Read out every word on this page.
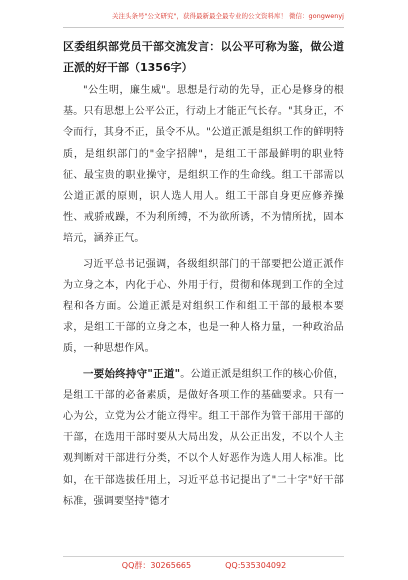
关注头条号"公文研究"，获得最新最全最专业的公文资料库！ 微信：gongwenyj
区委组织部党员干部交流发言：以公平可称为鉴，做公道正派的好干部（1356字）

"公生明，廉生威"。思想是行动的先导，正心是修身的根基。只有思想上公平公正，行动上才能正气长存。"其身正，不令而行，其身不正，虽令不从。"公道正派是组织工作的鲜明特质，是组织部门的"金字招牌"，是组工干部最鲜明的职业特征、最宝贵的职业操守，是组织工作的生命线。组工干部需以公道正派的原则，识人选人用人。组工干部自身更应修养操性、戒骄戒躁，不为利所缚，不为欲所诱，不为情所扰，固本培元，涵养正气。

习近平总书记强调，各级组织部门的干部要把公道正派作为立身之本，内化于心、外用于行，贯彻和体现到工作的全过程和各方面。公道正派是对组织工作和组工干部的最根本要求，是组工干部的立身之本，也是一种人格力量，一种政治品质，一种思想作风。

一要始终持守"正道"。公道正派是组织工作的核心价值，是组工干部的必备素质，是做好各项工作的基础要求。只有一心为公，立党为公才能立得牢。组工干部作为管干部用干部的干部，在选用干部时要从大局出发，从公正出发，不以个人主观判断对干部进行分类，不以个人好恶作为选人用人标准。比如，在干部选拔任用上，习近平总书记提出了"二十字"好干部标准，强调要坚持"德才

QQ群：30265665	QQ:535304092
